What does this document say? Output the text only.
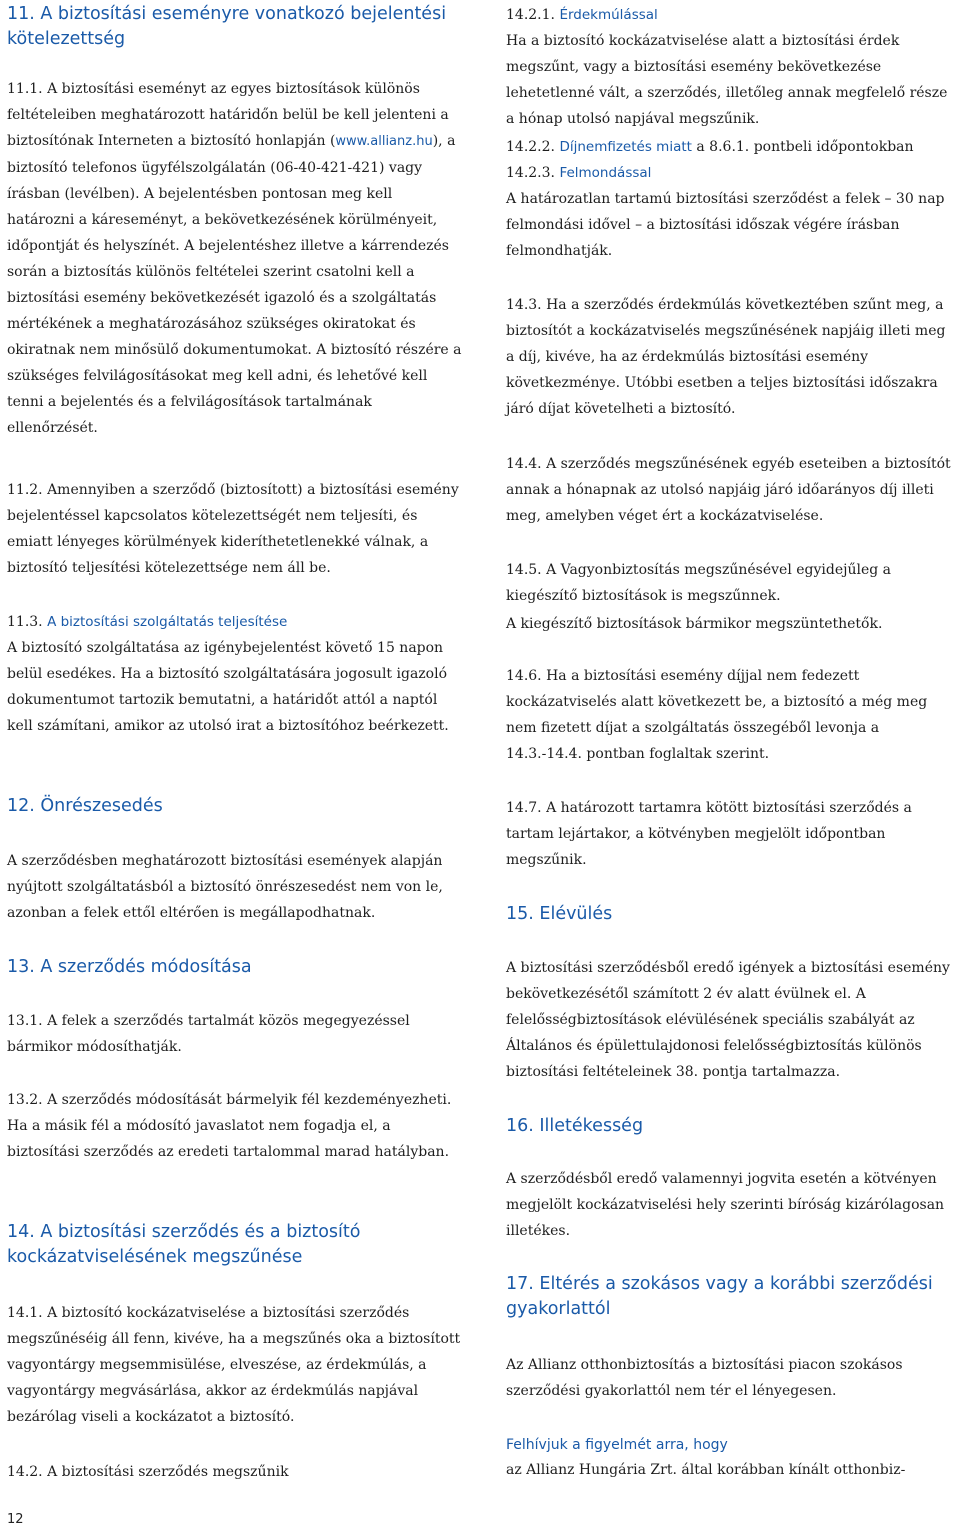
11. A biztosítási eseményre vonatkozó bejelentési kötelezettség

11.1. A biztosítási eseményt az egyes biztosítások különös feltételeiben meghatározott határidőn belül be kell jelenteni a biztosítónak Interneten a biztosító honlapján (www.allianz.hu), a biztosító telefonos ügyfélszolgálatán (06-40-421-421) vagy írásban (levélben). A bejelentésben pontosan meg kell határozni a káreseményt, a bekövetkezésének körülményeit, időpontját és helyszínét. A bejelentéshez illetve a kárrendezés során a biztosítás különös feltételei szerint csatolni kell a biztosítási esemény bekövetkezését igazoló és a szolgáltatás mértékének a meghatározásához szükséges okiratokat és okiratnak nem minősülő dokumentumokat. A biztosító részére a szükséges felvilágosításokat meg kell adni, és lehetővé kell tenni a bejelentés és a felvilágosítások tartalmának ellenőrzését.

11.2. Amennyiben a szerződő (biztosított) a biztosítási esemény bejelentéssel kapcsolatos kötelezettségét nem teljesíti, és emiatt lényeges körülmények kideríthetetlenekké válnak, a biztosító teljesítési kötelezettsége nem áll be.

11.3. A biztosítási szolgáltatás teljesítése
A biztosító szolgáltatása az igénybejelentést követő 15 napon belül esedékes. Ha a biztosító szolgáltatására jogosult igazoló dokumentumot tartozik bemutatni, a határidőt attól a naptól kell számítani, amikor az utolsó irat a biztosítóhoz beérkezett.

12. Önrészesedés

A szerződésben meghatározott biztosítási események alapján nyújtott szolgáltatásból a biztosító önrészesedést nem von le, azonban a felek ettől eltérően is megállapodhatnak.

13. A szerződés módosítása

13.1. A felek a szerződés tartalmát közös megegyezéssel bármikor módosíthatják.

13.2. A szerződés módosítását bármelyik fél kezdeményezheti. Ha a másik fél a módosító javaslatot nem fogadja el, a biztosítási szerződés az eredeti tartalommal marad hatályban.

14. A biztosítási szerződés és a biztosító kockázatviselésének megszűnése

14.1. A biztosító kockázatviselése a biztosítási szerződés megszűnéséig áll fenn, kivéve, ha a megszűnés oka a biztosított vagyontárgy megsemmisülése, elveszése, az érdekmúlás, a vagyontárgy megvásárlása, akkor az érdekmúlás napjával bezárólag viseli a kockázatot a biztosító.

14.2. A biztosítási szerződés megszűnik

14.2.1. Érdekmúlással
Ha a biztosító kockázatviselése alatt a biztosítási érdek megszűnt, vagy a biztosítási esemény bekövetkezése lehetetlenné vált, a szerződés, illetőleg annak megfelelő része a hónap utolsó napjával megszűnik.

14.2.2. Díjnemfizetés miatt a 8.6.1. pontbeli időpontokban

14.2.3. Felmondással
A határozatlan tartamú biztosítási szerződést a felek – 30 nap felmondási idővel – a biztosítási időszak végére írásban felmondhatják.

14.3. Ha a szerződés érdekmúlás következtében szűnt meg, a biztosítót a kockázatviselés megszűnésének napjáig illeti meg a díj, kivéve, ha az érdekmúlás biztosítási esemény következménye. Utóbbi esetben a teljes biztosítási időszakra járó díjat követelheti a biztosító.

14.4. A szerződés megszűnésének egyéb eseteiben a biztosítót annak a hónapnak az utolsó napjáig járó időarányos díj illeti meg, amelyben véget ért a kockázatviselése.

14.5. A Vagyonbiztosítás megszűnésével egyidejűleg a kiegészítő biztosítások is megszűnnek.

A kiegészítő biztosítások bármikor megszüntethetők.

14.6. Ha a biztosítási esemény díjjal nem fedezett kockázatviselés alatt következett be, a biztosító a még meg nem fizetett díjat a szolgáltatás összegéből levonja a 14.3.-14.4. pontban foglaltak szerint.

14.7. A határozott tartamra kötött biztosítási szerződés a tartam lejártakor, a kötvényben megjelölt időpontban megszűnik.

15. Elévülés

A biztosítási szerződésből eredő igények a biztosítási esemény bekövetkezésétől számított 2 év alatt évülnek el. A felelősségbiztosítások elévülésének speciális szabályát az Általános és épülettulajdonosi felelősségbiztosítás különös biztosítási feltételeinek 38. pontja tartalmazza.

16. Illetékesség

A szerződésből eredő valamennyi jogvita esetén a kötvényen megjelölt kockázatviselési hely szerinti bíróság kizárólagosan illetékes.

17. Eltérés a szokásos vagy a korábbi szerződési gyakorlattól

Az Allianz otthonbiztosítás a biztosítási piacon szokásos szerződési gyakorlattól nem tér el lényegesen.

Felhívjuk a figyelmét arra, hogy

az Allianz Hungária Zrt. által korábban kínált otthonbiz-

12
